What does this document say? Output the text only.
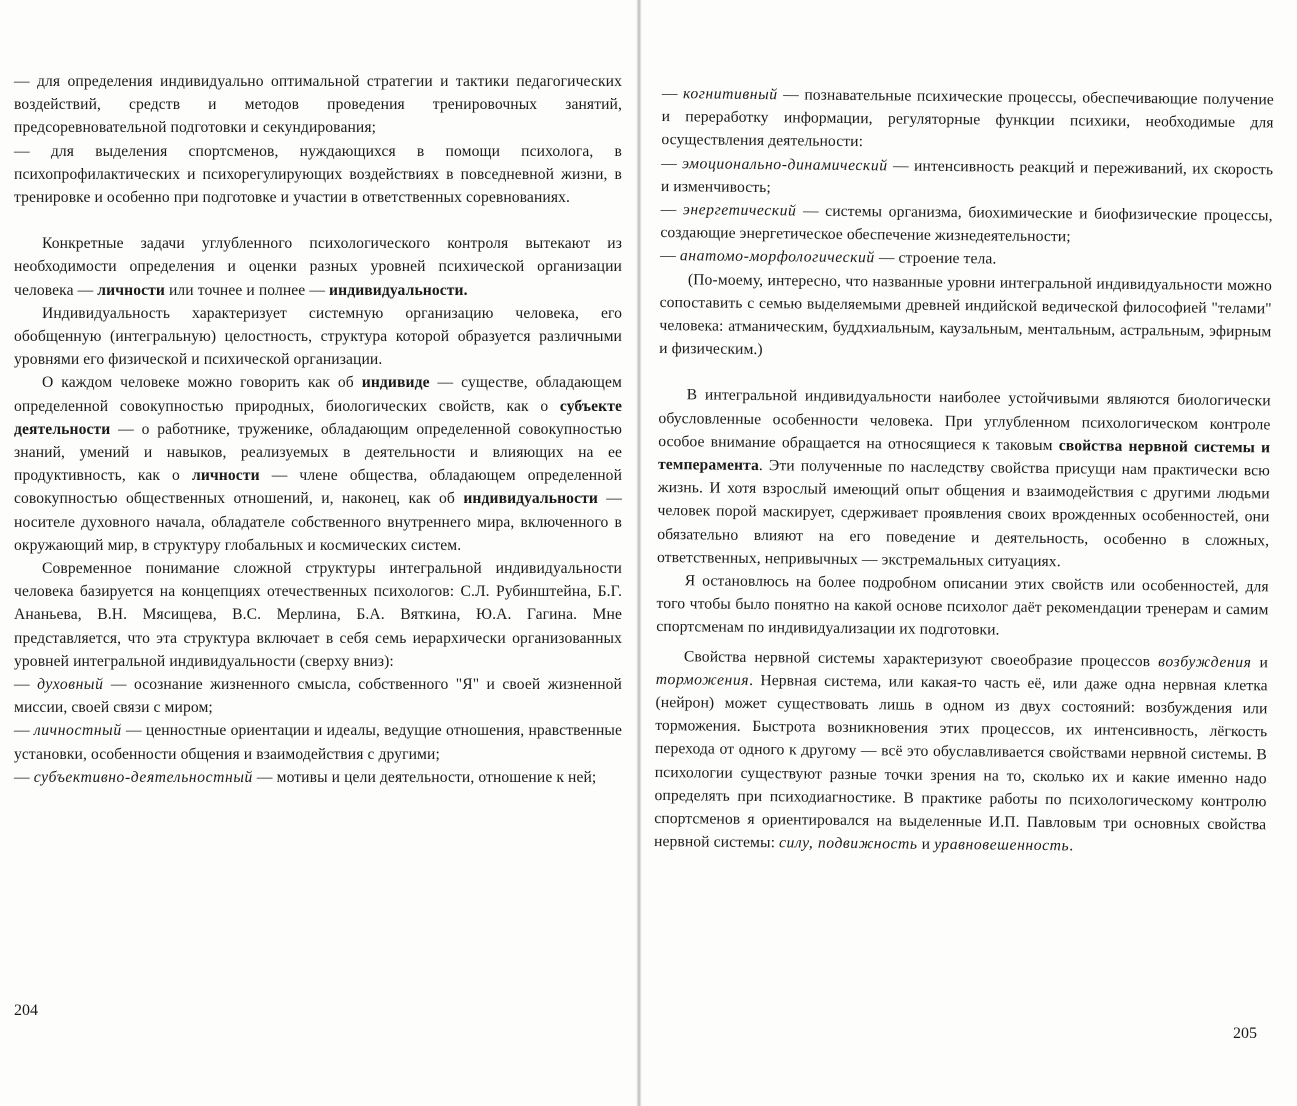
— для определения индивидуально оптимальной стратегии и тактики педагогических воздействий, средств и методов проведения тренировочных занятий, предсоревновательной подготовки и секундирования;

— для выделения спортсменов, нуждающихся в помощи психолога, в психопрофилактических и психорегулирующих воздействиях в повседневной жизни, в тренировке и особенно при подготовке и участии в ответственных соревнованиях.

Конкретные задачи углубленного психологического контроля вытекают из необходимости определения и оценки разных уровней психической организации человека — личности или точнее и полнее — индивидуальности.

Индивидуальность характеризует системную организацию человека, его обобщенную (интегральную) целостность, структура которой образуется различными уровнями его физической и психической организации.

О каждом человеке можно говорить как об индивиде — существе, обладающем определенной совокупностью природных, биологических свойств, как о субъекте деятельности — о работнике, труженике, обладающим определенной совокупностью знаний, умений и навыков, реализуемых в деятельности и влияющих на ее продуктивность, как о личности — члене общества, обладающем определенной совокупностью общественных отношений, и, наконец, как об индивидуальности — носителе духовного начала, обладателе собственного внутреннего мира, включенного в окружающий мир, в структуру глобальных и космических систем.

Современное понимание сложной структуры интегральной индивидуальности человека базируется на концепциях отечественных психологов: С.Л. Рубинштейна, Б.Г. Ананьева, В.Н. Мясищева, В.С. Мерлина, Б.А. Вяткина, Ю.А. Гагина. Мне представляется, что эта структура включает в себя семь иерархически организованных уровней интегральной индивидуальности (сверху вниз):

— духовный — осознание жизненного смысла, собственного "Я" и своей жизненной миссии, своей связи с миром;

— личностный — ценностные ориентации и идеалы, ведущие отношения, нравственные установки, особенности общения и взаимодействия с другими;

— субъективно-деятельностный — мотивы и цели деятельности, отношение к ней;

204

— когнитивный — познавательные психические процессы, обеспечивающие получение и переработку информации, регуляторные функции психики, необходимые для осуществления деятельности:

— эмоционально-динамический — интенсивность реакций и переживаний, их скорость и изменчивость;

— энергетический — системы организма, биохимические и биофизические процессы, создающие энергетическое обеспечение жизнедеятельности;

— анатомо-морфологический — строение тела.

(По-моему, интересно, что названные уровни интегральной индивидуальности можно сопоставить с семью выделяемыми древней индийской ведической философией "телами" человека: атманическим, буддхиальным, каузальным, ментальным, астральным, эфирным и физическим.)

В интегральной индивидуальности наиболее устойчивыми являются биологически обусловленные особенности человека. При углубленном психологическом контроле особое внимание обращается на относящиеся к таковым свойства нервной системы и темперамента. Эти полученные по наследству свойства присущи нам практически всю жизнь. И хотя взрослый имеющий опыт общения и взаимодействия с другими людьми человек порой маскирует, сдерживает проявления своих врожденных особенностей, они обязательно влияют на его поведение и деятельность, особенно в сложных, ответственных, непривычных — экстремальных ситуациях.

Я остановлюсь на более подробном описании этих свойств или особенностей, для того чтобы было понятно на какой основе психолог даёт рекомендации тренерам и самим спортсменам по индивидуализации их подготовки.

Свойства нервной системы характеризуют своеобразие процессов возбуждения и торможения. Нервная система, или какая-то часть её, или даже одна нервная клетка (нейрон) может существовать лишь в одном из двух состояний: возбуждения или торможения. Быстрота возникновения этих процессов, их интенсивность, лёгкость перехода от одного к другому — всё это обуславливается свойствами нервной системы. В психологии существуют разные точки зрения на то, сколько их и какие именно надо определять при психодиагностике. В практике работы по психологическому контролю спортсменов я ориентировался на выделенные И.П. Павловым три основных свойства нервной системы: силу, подвижность и уравновешенность.

205
